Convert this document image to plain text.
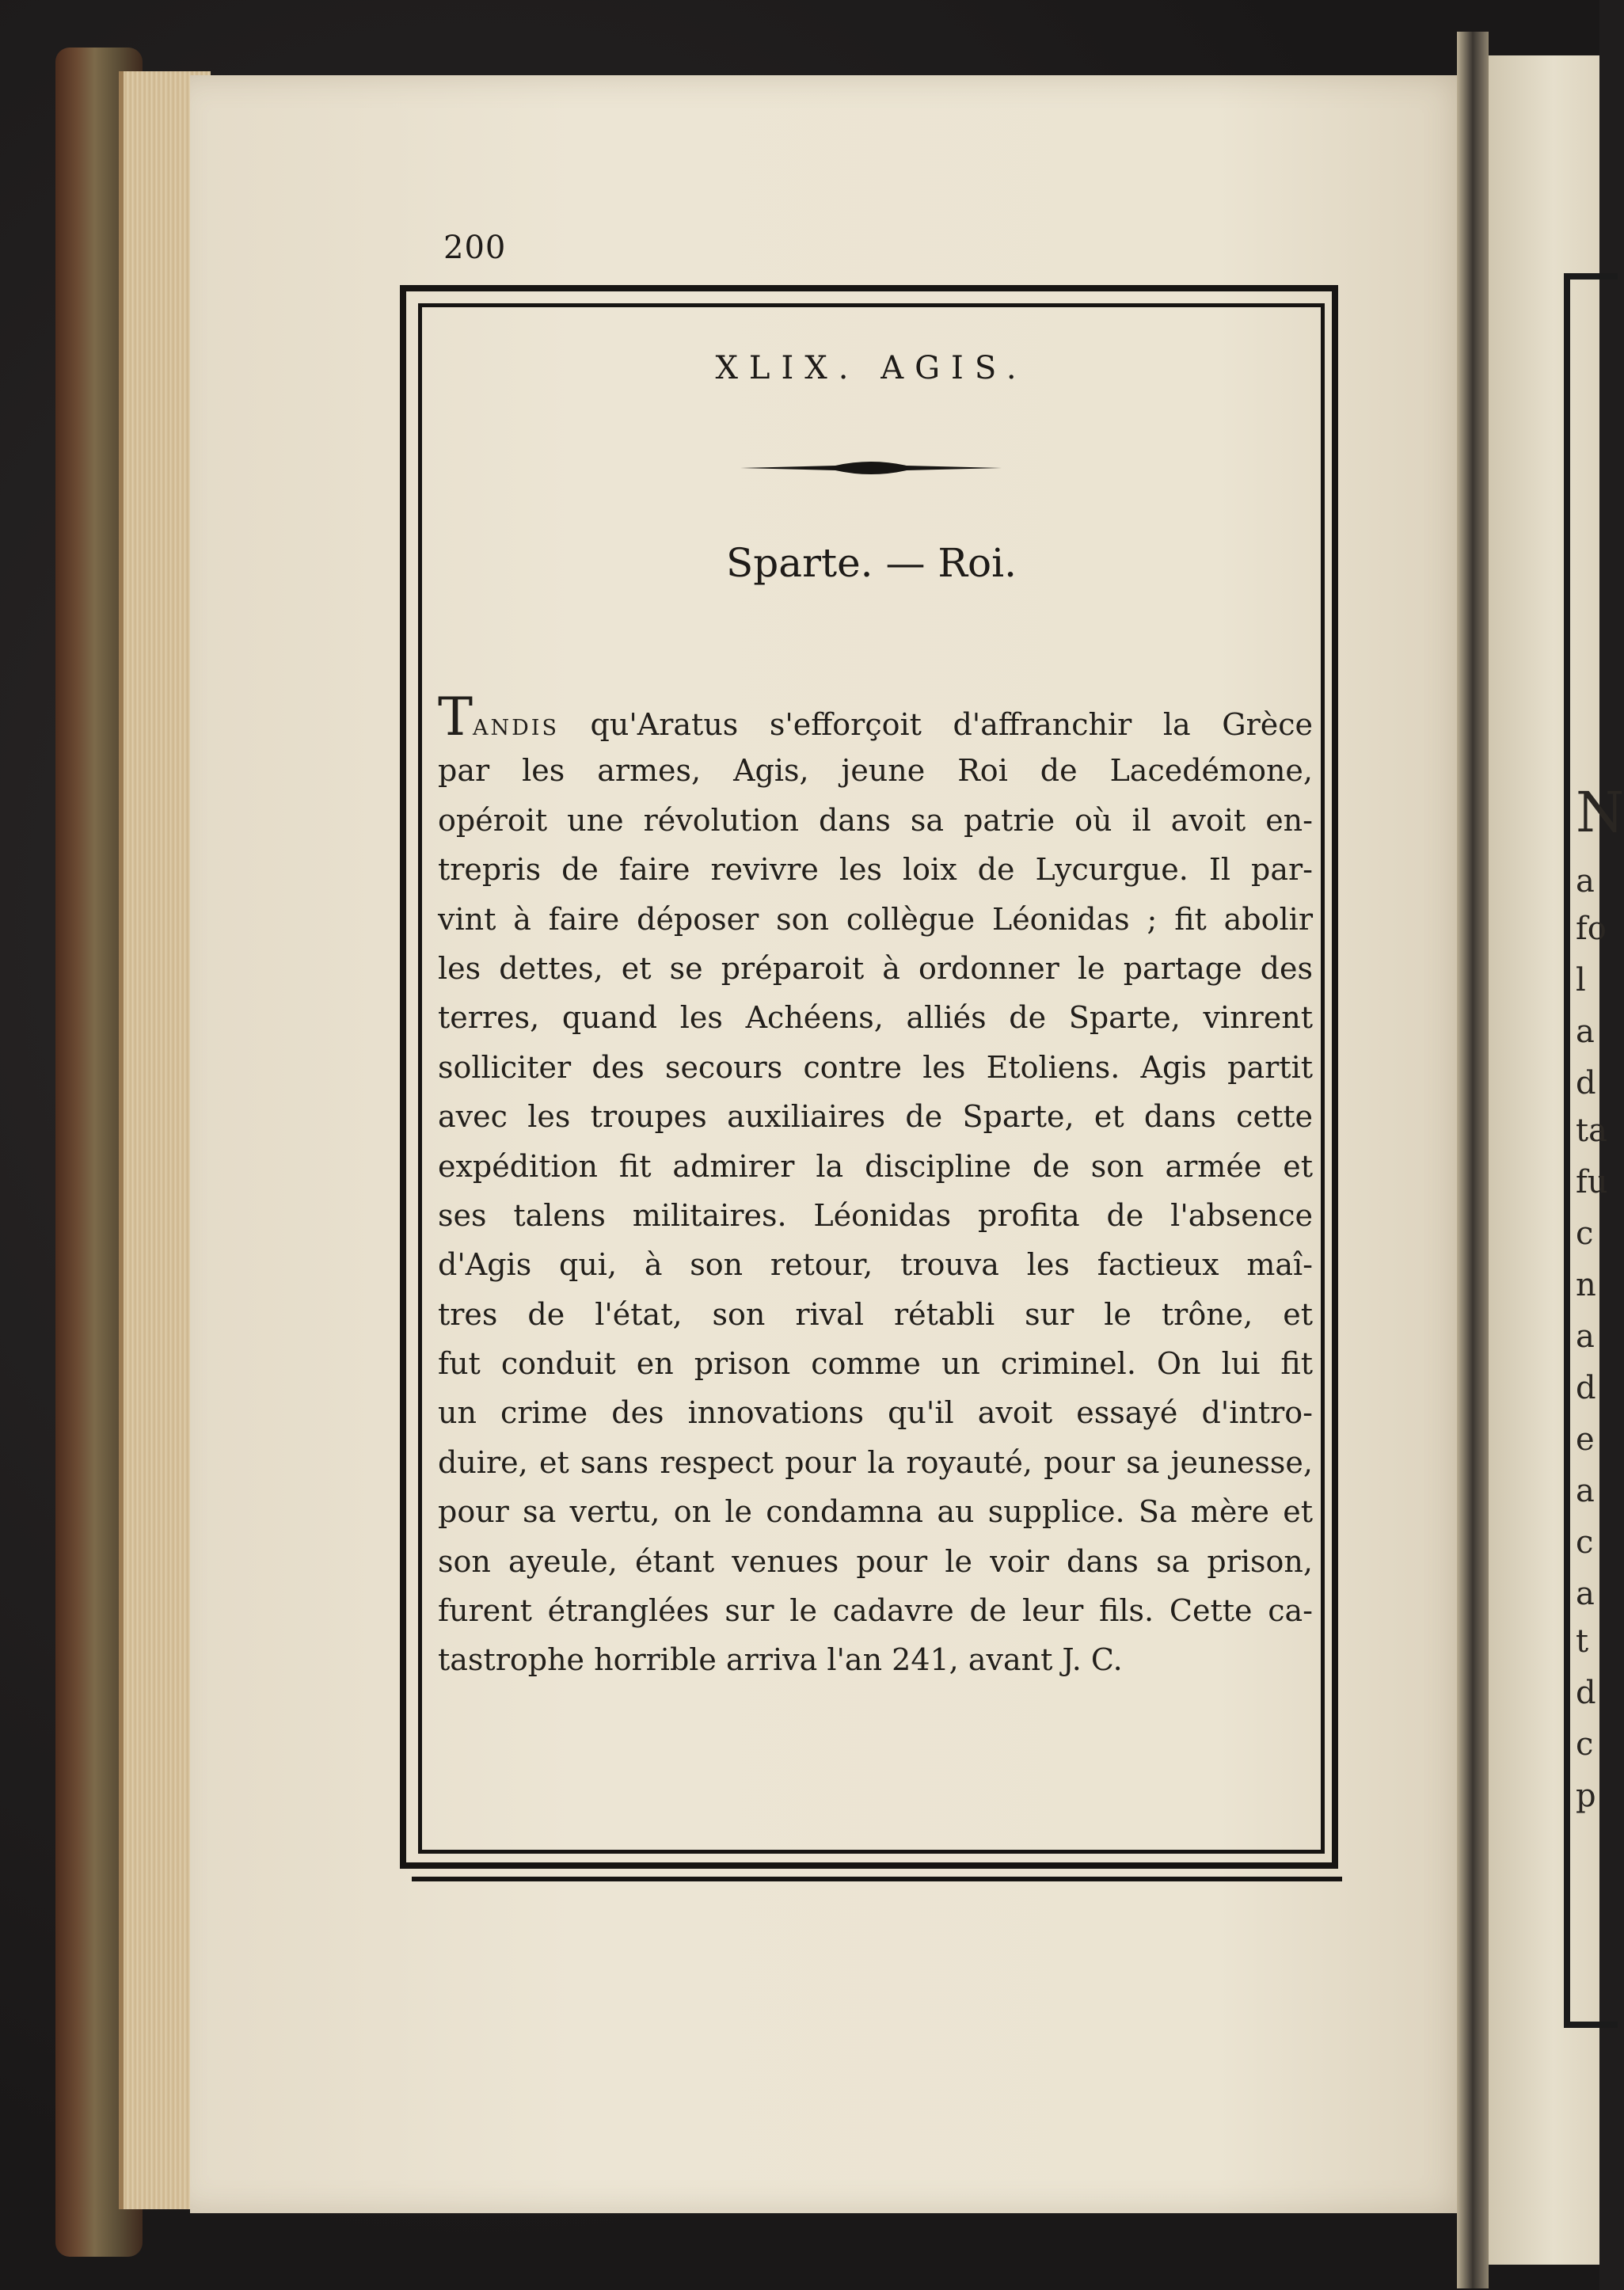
N
a
fo
l
a
d
ta
fu
c
n
a
d
e
a
c
a
t
d
c
p
200
XLIX. AGIS.
Sparte. — Roi.
Tandis qu'Aratus s'efforçoit d'affranchir la Grèce
par les armes, Agis, jeune Roi de Lacedémone,
opéroit une révolution dans sa patrie où il avoit en-
trepris de faire revivre les loix de Lycurgue. Il par-
vint à faire déposer son collègue Léonidas ; fit abolir
les dettes, et se préparoit à ordonner le partage des
terres, quand les Achéens, alliés de Sparte, vinrent
solliciter des secours contre les Etoliens. Agis partit
avec les troupes auxiliaires de Sparte, et dans cette
expédition fit admirer la discipline de son armée et
ses talens militaires. Léonidas profita de l'absence
d'Agis qui, à son retour, trouva les factieux maî-
tres de l'état, son rival rétabli sur le trône, et
fut conduit en prison comme un criminel. On lui fit
un crime des innovations qu'il avoit essayé d'intro-
duire, et sans respect pour la royauté, pour sa jeunesse,
pour sa vertu, on le condamna au supplice. Sa mère et
son ayeule, étant venues pour le voir dans sa prison,
furent étranglées sur le cadavre de leur fils. Cette ca-
tastrophe horrible arriva l'an 241, avant J. C.
